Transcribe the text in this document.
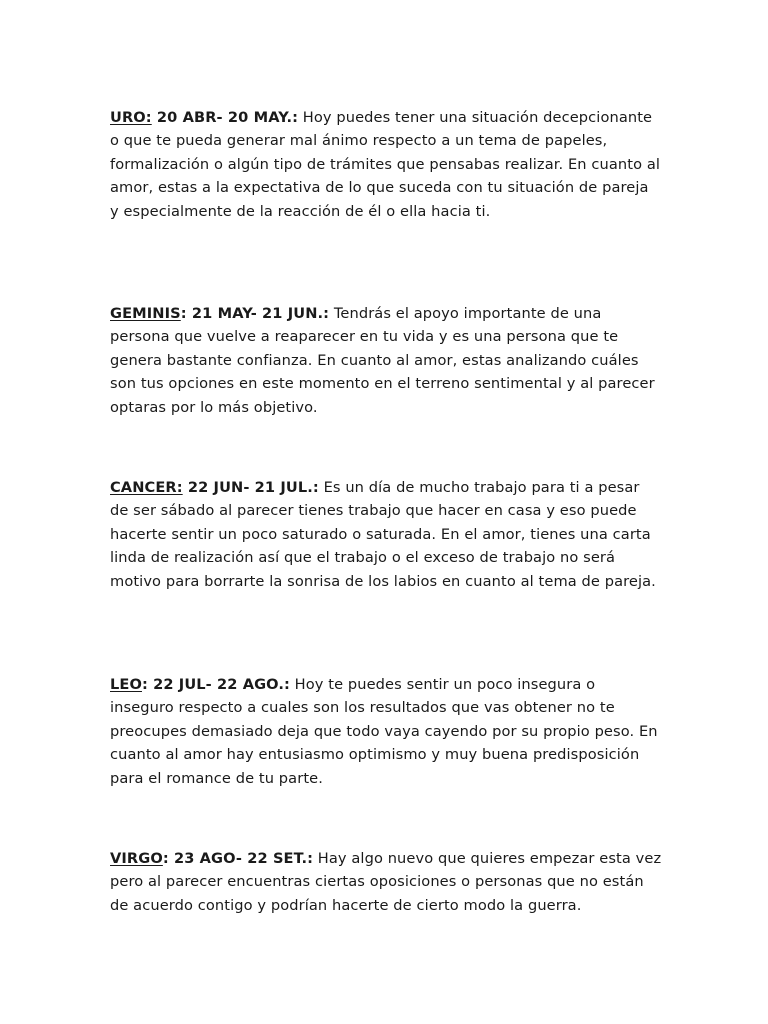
URO: 20 ABR- 20 MAY.: Hoy puedes tener una situación decepcionante o que te pueda generar mal ánimo respecto a un tema de papeles, formalización o algún tipo de trámites que pensabas realizar. En cuanto al amor, estas a la expectativa de lo que suceda con tu situación de pareja y especialmente de la reacción de él o ella hacia ti.

GEMINIS: 21 MAY- 21 JUN.: Tendrás el apoyo importante de una persona que vuelve a reaparecer en tu vida y es una persona que te genera bastante confianza. En cuanto al amor, estas analizando cuáles son tus opciones en este momento en el terreno sentimental y al parecer optaras por lo más objetivo.

CANCER: 22 JUN- 21 JUL.: Es un día de mucho trabajo para ti a pesar de ser sábado al parecer tienes trabajo que hacer en casa y eso puede hacerte sentir un poco saturado o saturada. En el amor, tienes una carta linda de realización así que el trabajo o el exceso de trabajo no será motivo para borrarte la sonrisa de los labios en cuanto al tema de pareja.

LEO: 22 JUL- 22 AGO.: Hoy te puedes sentir un poco insegura o inseguro respecto a cuales son los resultados que vas obtener no te preocupes demasiado deja que todo vaya cayendo por su propio peso. En cuanto al amor hay entusiasmo optimismo y muy buena predisposición para el romance de tu parte.

VIRGO: 23 AGO- 22 SET.: Hay algo nuevo que quieres empezar esta vez pero al parecer encuentras ciertas oposiciones o personas que no están de acuerdo contigo y podrían hacerte de cierto modo la guerra.
